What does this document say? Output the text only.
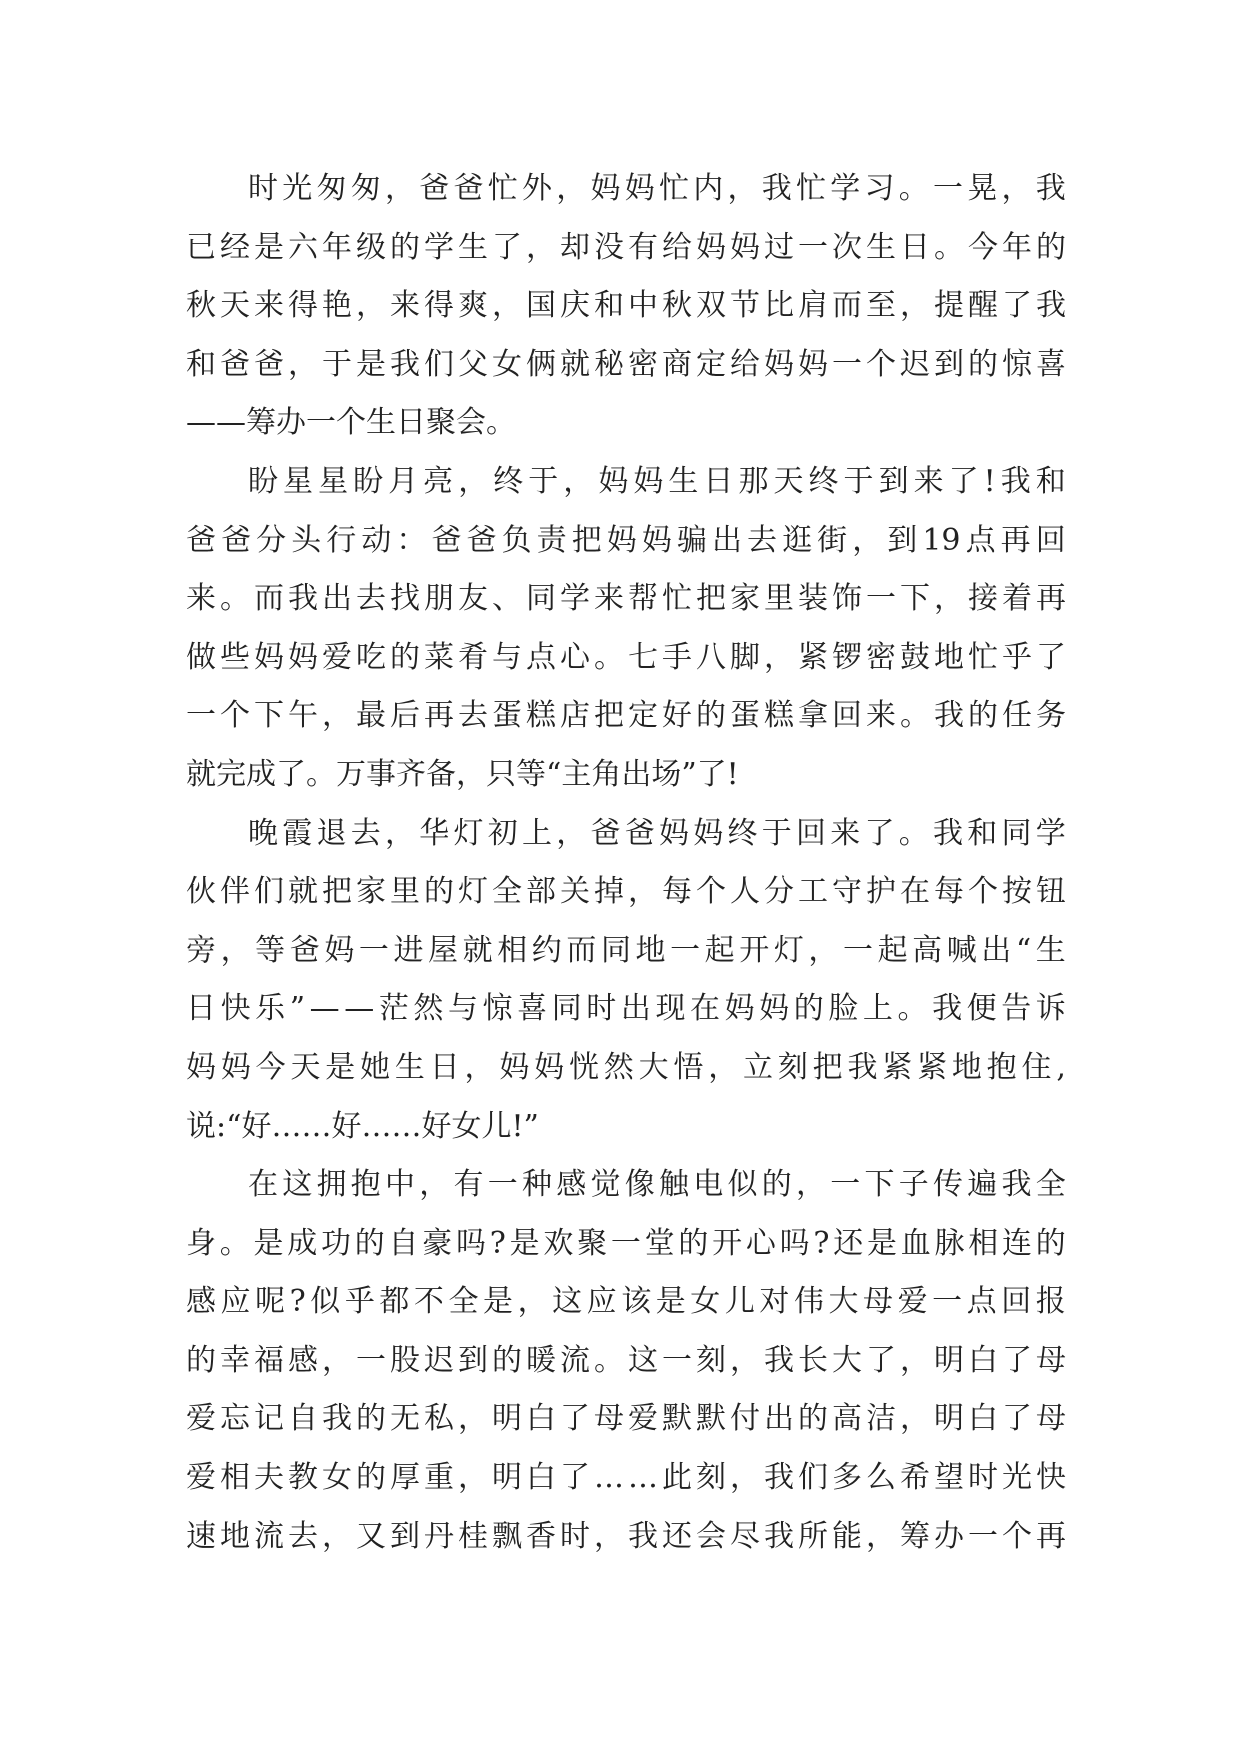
时 光 匆 匆 ， 爸 爸 忙 外 ， 妈 妈 忙 内 ， 我 忙 学 习 。 一 晃 ， 我
已 经 是 六 年 级 的 学 生 了 ， 却 没 有 给 妈 妈 过 一 次 生 日 。 今 年 的
秋 天 来 得 艳 ， 来 得 爽 ， 国 庆 和 中 秋 双 节 比 肩 而 至 ， 提 醒 了 我
和 爸 爸 ， 于 是 我 们 父 女 俩 就 秘 密 商 定 给 妈 妈 一 个 迟 到 的 惊 喜
——筹办一个生日聚会。
盼 星 星 盼 月 亮 ， 终 于 ， 妈 妈 生 日 那 天 终 于 到 来 了 ! 我 和
爸 爸 分 头 行 动 ： 爸 爸 负 责 把 妈 妈 骗 出 去 逛 街 ， 到 19 点 再 回
来 。 而 我 出 去 找 朋 友 、 同 学 来 帮 忙 把 家 里 装 饰 一 下 ， 接 着 再
做 些 妈 妈 爱 吃 的 菜 肴 与 点 心 。 七 手 八 脚 ， 紧 锣 密 鼓 地 忙 乎 了
一 个 下 午 ， 最 后 再 去 蛋 糕 店 把 定 好 的 蛋 糕 拿 回 来 。 我 的 任 务
就完成了。万事齐备，只等“主角出场”了!
晚 霞 退 去 ， 华 灯 初 上 ， 爸 爸 妈 妈 终 于 回 来 了 。 我 和 同 学
伙 伴 们 就 把 家 里 的 灯 全 部 关 掉 ， 每 个 人 分 工 守 护 在 每 个 按 钮
旁 ， 等 爸 妈 一 进 屋 就 相 约 而 同 地 一 起 开 灯 ， 一 起 高 喊 出 “ 生
日 快 乐 ” — — 茫 然 与 惊 喜 同 时 出 现 在 妈 妈 的 脸 上 。 我 便 告 诉
妈 妈 今 天 是 她 生 日 ， 妈 妈 恍 然 大 悟 ， 立 刻 把 我 紧 紧 地 抱 住 ,
说:“好……好……好女儿!”
在 这 拥 抱 中 ， 有 一 种 感 觉 像 触 电 似 的 ， 一 下 子 传 遍 我 全
身 。 是 成 功 的 自 豪 吗 ? 是 欢 聚 一 堂 的 开 心 吗 ? 还 是 血 脉 相 连 的
感 应 呢 ? 似 乎 都 不 全 是 ， 这 应 该 是 女 儿 对 伟 大 母 爱 一 点 回 报
的 幸 福 感 ， 一 股 迟 到 的 暖 流 。 这 一 刻 ， 我 长 大 了 ， 明 白 了 母
爱 忘 记 自 我 的 无 私 ， 明 白 了 母 爱 默 默 付 出 的 高 洁 ， 明 白 了 母
爱 相 夫 教 女 的 厚 重 ， 明 白 了 … … 此 刻 ， 我 们 多 么 希 望 时 光 快
速 地 流 去 ， 又 到 丹 桂 飘 香 时 ， 我 还 会 尽 我 所 能 ， 筹 办 一 个 再
